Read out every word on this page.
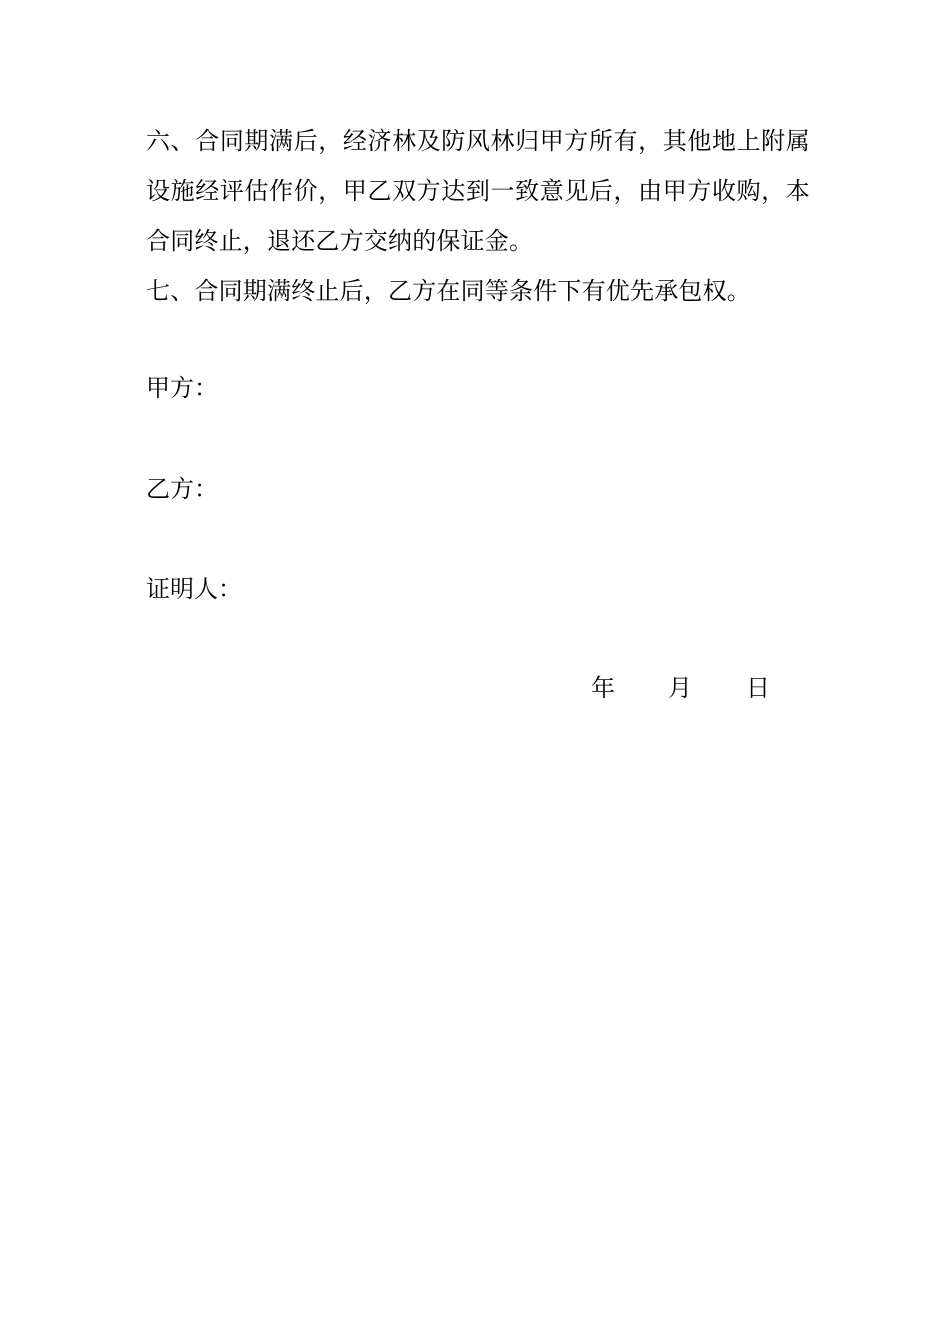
六、合同期满后，经济林及防风林归甲方所有，其他地上附属设施经评估作价，甲乙双方达到一致意见后，由甲方收购，本合同终止，退还乙方交纳的保证金。

七、合同期满终止后，乙方在同等条件下有优先承包权。

甲方：
乙方：
证明人：
年 月 日
